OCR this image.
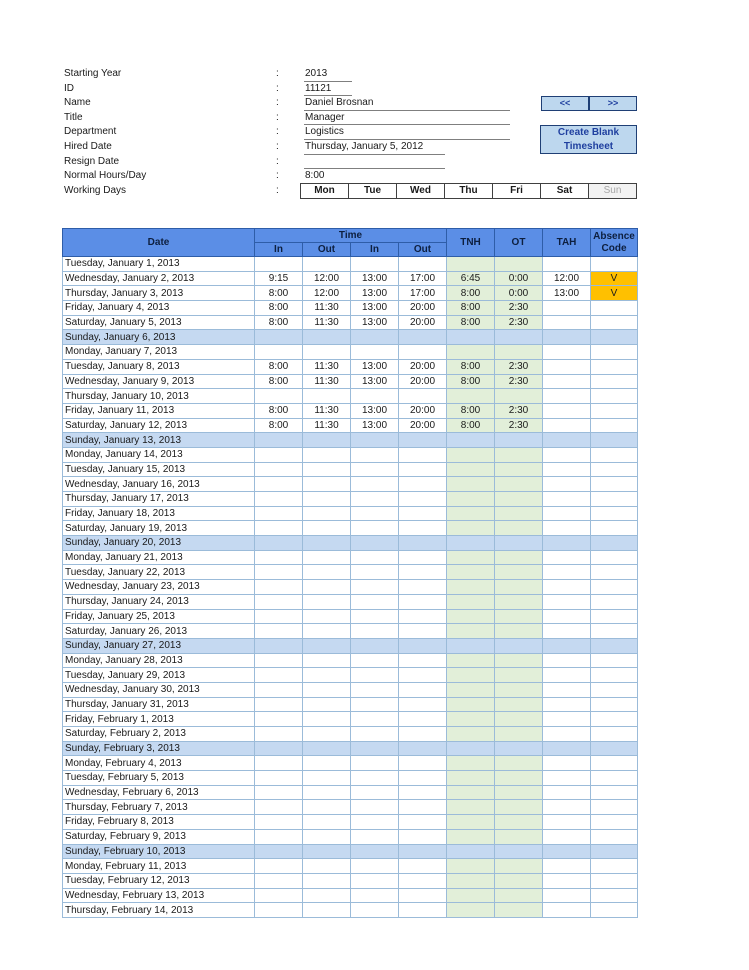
Starting Year	:	2013
ID	:	11121
Name	:	Daniel Brosnan
Title	:	Manager
Department	:	Logistics
Hired Date	:	Thursday, January 5, 2012
Resign Date	:
Normal Hours/Day	:	8:00
Working Days	:	Mon	Tue	Wed	Thu	Fri	Sat	Sun
<<	>>
Create Blank
Timesheet
Date	Time				TNH	OT	TAH	Absence
Code

	In	Out	In	Out				
Tuesday, January 1, 2013								
Wednesday, January 2, 2013	9:15	12:00	13:00	17:00	6:45	0:00	12:00	V
Thursday, January 3, 2013	8:00	12:00	13:00	17:00	8:00	0:00	13:00	V
Friday, January 4, 2013	8:00	11:30	13:00	20:00	8:00	2:30		
Saturday, January 5, 2013	8:00	11:30	13:00	20:00	8:00	2:30		
Sunday, January 6, 2013								
Monday, January 7, 2013								
Tuesday, January 8, 2013	8:00	11:30	13:00	20:00	8:00	2:30		
Wednesday, January 9, 2013	8:00	11:30	13:00	20:00	8:00	2:30		
Thursday, January 10, 2013								
Friday, January 11, 2013	8:00	11:30	13:00	20:00	8:00	2:30		
Saturday, January 12, 2013	8:00	11:30	13:00	20:00	8:00	2:30		
Sunday, January 13, 2013								
Monday, January 14, 2013								
Tuesday, January 15, 2013								
Wednesday, January 16, 2013								
Thursday, January 17, 2013								
Friday, January 18, 2013								
Saturday, January 19, 2013								
Sunday, January 20, 2013								
Monday, January 21, 2013								
Tuesday, January 22, 2013								
Wednesday, January 23, 2013								
Thursday, January 24, 2013								
Friday, January 25, 2013								
Saturday, January 26, 2013								
Sunday, January 27, 2013								
Monday, January 28, 2013								
Tuesday, January 29, 2013								
Wednesday, January 30, 2013								
Thursday, January 31, 2013								
Friday, February 1, 2013								
Saturday, February 2, 2013								
Sunday, February 3, 2013								
Monday, February 4, 2013								
Tuesday, February 5, 2013								
Wednesday, February 6, 2013								
Thursday, February 7, 2013								
Friday, February 8, 2013								
Saturday, February 9, 2013								
Sunday, February 10, 2013								
Monday, February 11, 2013								
Tuesday, February 12, 2013								
Wednesday, February 13, 2013								
Thursday, February 14, 2013								
